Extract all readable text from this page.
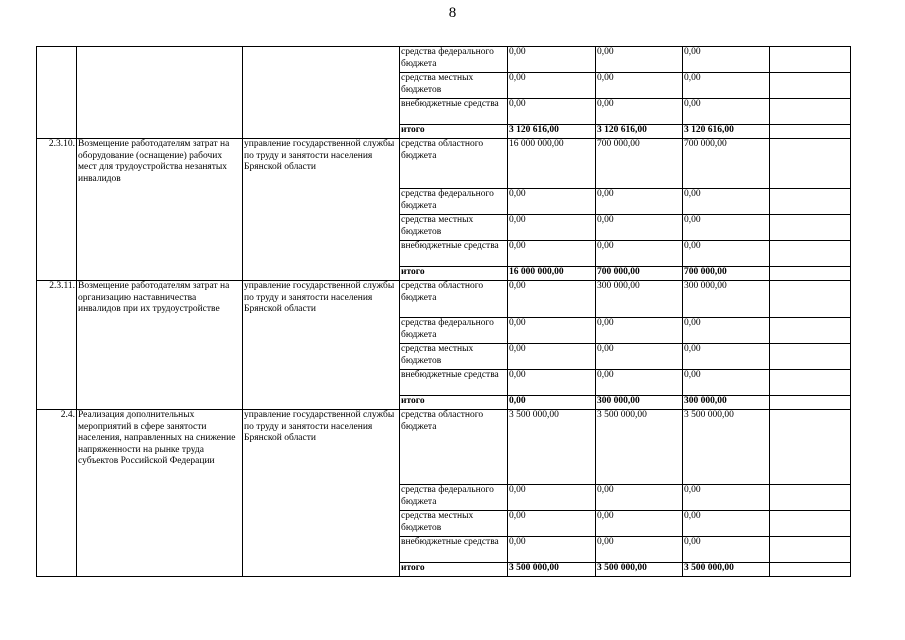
8
			средства федерального бюджета	0,00	0,00	0,00	
			средства местных бюджетов	0,00	0,00	0,00	
			внебюджетные средства	0,00	0,00	0,00	
			итого	3 120 616,00	3 120 616,00	3 120 616,00	
2.3.10.	Возмещение работодателям затрат на оборудование (оснащение) рабочих мест для трудоустройства незанятых инвалидов	управление государственной службы по труду и занятости населения Брянской области	средства областного бюджета	16 000 000,00	700 000,00	700 000,00	
			средства федерального бюджета	0,00	0,00	0,00	
			средства местных бюджетов	0,00	0,00	0,00	
			внебюджетные средства	0,00	0,00	0,00	
			итого	16 000 000,00	700 000,00	700 000,00	
2.3.11.	Возмещение работодателям затрат на организацию наставничества инвалидов при их трудоустройстве	управление государственной службы по труду и занятости населения Брянской области	средства областного бюджета	0,00	300 000,00	300 000,00	
			средства федерального бюджета	0,00	0,00	0,00	
			средства местных бюджетов	0,00	0,00	0,00	
			внебюджетные средства	0,00	0,00	0,00	
			итого	0,00	300 000,00	300 000,00	
2.4.	Реализация дополнительных мероприятий в сфере занятости населения, направленных на снижение напряженности на рынке труда субъектов Российской Федерации	управление государственной службы по труду и занятости населения Брянской области	средства областного бюджета	3 500 000,00	3 500 000,00	3 500 000,00	
			средства федерального бюджета	0,00	0,00	0,00	
			средства местных бюджетов	0,00	0,00	0,00	
			внебюджетные средства	0,00	0,00	0,00	
			итого	3 500 000,00	3 500 000,00	3 500 000,00	
